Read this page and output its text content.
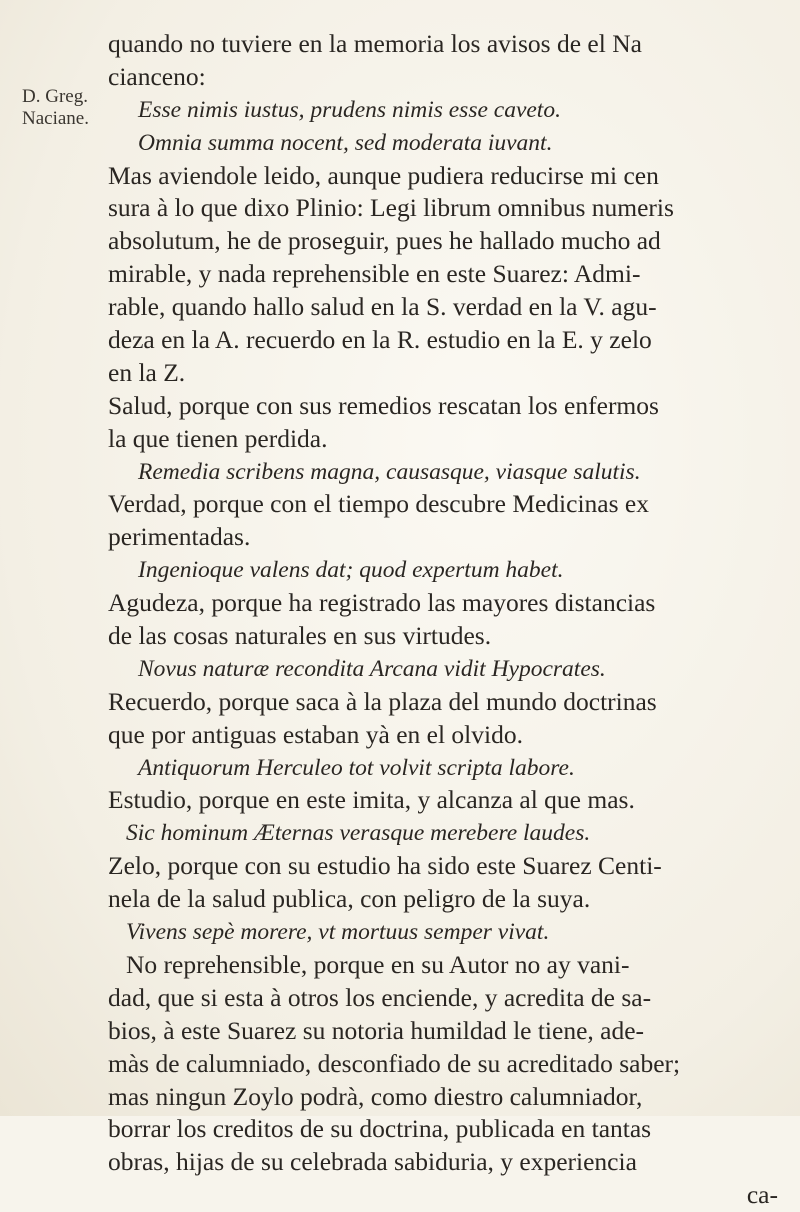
D. Greg.
Naciane.
quando no tuviere en la memoria los avisos de el Na
cianceno:
Esse nimis iustus, prudens nimis esse caveto.
Omnia summa nocent, sed moderata iuvant.
Mas aviendole leido, aunque pudiera reducirse mi cen
sura à lo que dixo Plinio: Legi librum omnibus numeris
absolutum, he de proseguir, pues he hallado mucho ad
mirable, y nada reprehensible en este Suarez: Admi-
rable, quando hallo salud en la S. verdad en la V. agu-
deza en la A. recuerdo en la R. estudio en la E. y zelo
en la Z.
Salud, porque con sus remedios rescatan los enfermos
la que tienen perdida.
Remedia scribens magna, causasque, viasque salutis.
Verdad, porque con el tiempo descubre Medicinas ex
perimentadas.
Ingenioque valens dat; quod expertum habet.
Agudeza, porque ha registrado las mayores distancias
de las cosas naturales en sus virtudes.
Novus naturæ recondita Arcana vidit Hypocrates.
Recuerdo, porque saca à la plaza del mundo doctrinas
que por antiguas estaban yà en el olvido.
Antiquorum Herculeo tot volvit scripta labore.
Estudio, porque en este imita, y alcanza al que mas.
Sic hominum Æternas verasque merebere laudes.
Zelo, porque con su estudio ha sido este Suarez Centi-
nela de la salud publica, con peligro de la suya.
Vivens sepè morere, vt mortuus semper vivat.
No reprehensible, porque en su Autor no ay vani-
dad, que si esta à otros los enciende, y acredita de sa-
bios, à este Suarez su notoria humildad le tiene, ade-
màs de calumniado, desconfiado de su acreditado saber;
mas ningun Zoylo podrà, como diestro calumniador,
borrar los creditos de su doctrina, publicada en tantas
obras, hijas de su celebrada sabiduria, y experiencia
ca-
